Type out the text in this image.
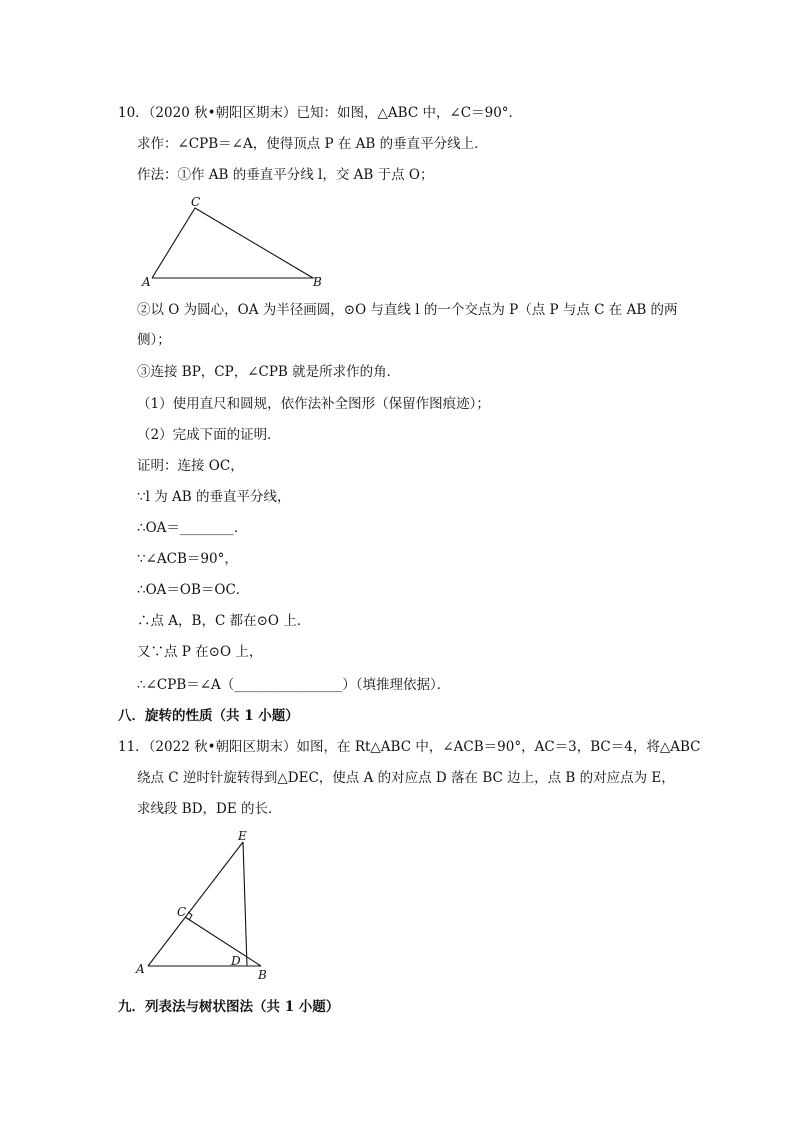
10．（2020 秋•朝阳区期末）已知：如图，△ABC 中，∠C＝90°．
求作：∠CPB＝∠A，使得顶点 P 在 AB 的垂直平分线上．
作法：①作 AB 的垂直平分线 l，交 AB 于点 O；
C
A	B
②以 O 为圆心，OA 为半径画圆，⊙O 与直线 l 的一个交点为 P（点 P 与点 C 在 AB 的两
侧）；
③连接 BP，CP，∠CPB 就是所求作的角．
（1）使用直尺和圆规，依作法补全图形（保留作图痕迹）；
（2）完成下面的证明．
证明：连接 OC，
∵l 为 AB 的垂直平分线，
∴OA＝________．
∵∠ACB＝90°，
∴OA＝OB＝OC．
∴点 A，B，C 都在⊙O 上．
又∵点 P 在⊙O 上，
∴∠CPB＝∠A（________________）（填推理依据）．
八．旋转的性质（共 1 小题）
11．（2022 秋•朝阳区期末）如图，在 Rt△ABC 中，∠ACB＝90°，AC＝3，BC＝4，将△ABC
绕点 C 逆时针旋转得到△DEC，使点 A 的对应点 D 落在 BC 边上，点 B 的对应点为 E，
求线段 BD，DE 的长．
E
C
A
D
B
九．列表法与树状图法（共 1 小题）
